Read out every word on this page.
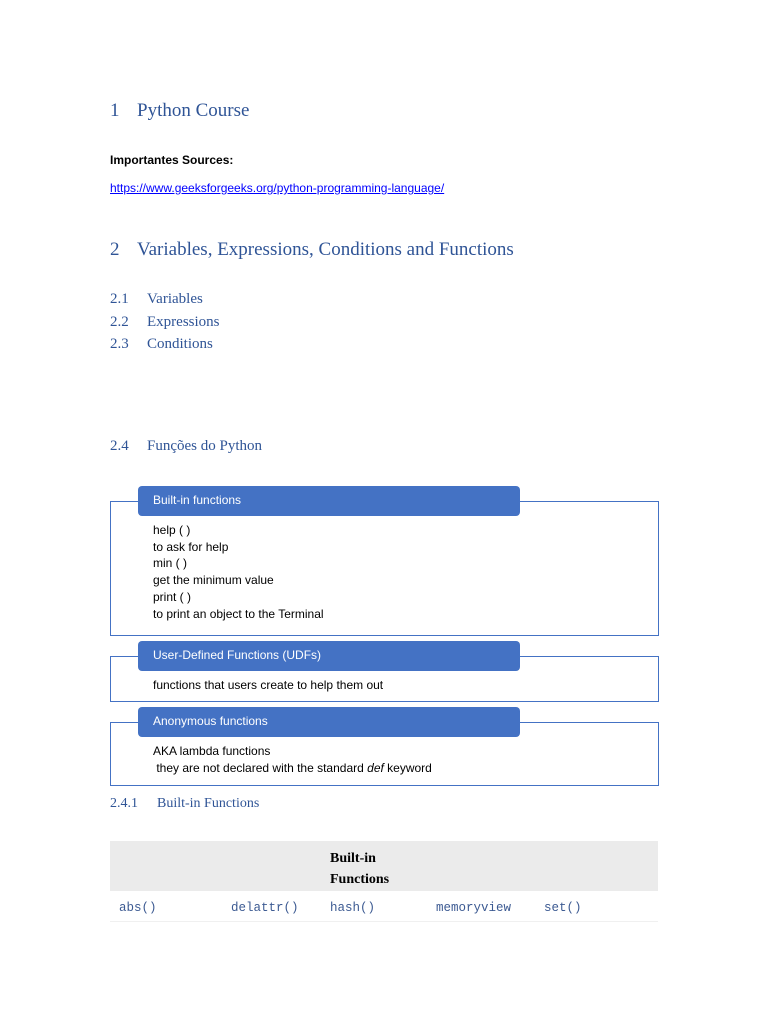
1 Python Course
Importantes Sources:
https://www.geeksforgeeks.org/python-programming-language/
2 Variables, Expressions, Conditions and Functions
2.1 Variables
2.2 Expressions
2.3 Conditions
2.4 Funções do Python
Built-in functions
help ( )
to ask for help
min ( )
get the minimum value
print ( )
to print an object to the Terminal
User-Defined Functions (UDFs)
functions that users create to help them out
Anonymous functions
AKA lambda functions
they are not declared with the standard def keyword
2.4.1 Built-in Functions
Built-in
Functions
abs()	delattr()	hash()	memoryview	set()
